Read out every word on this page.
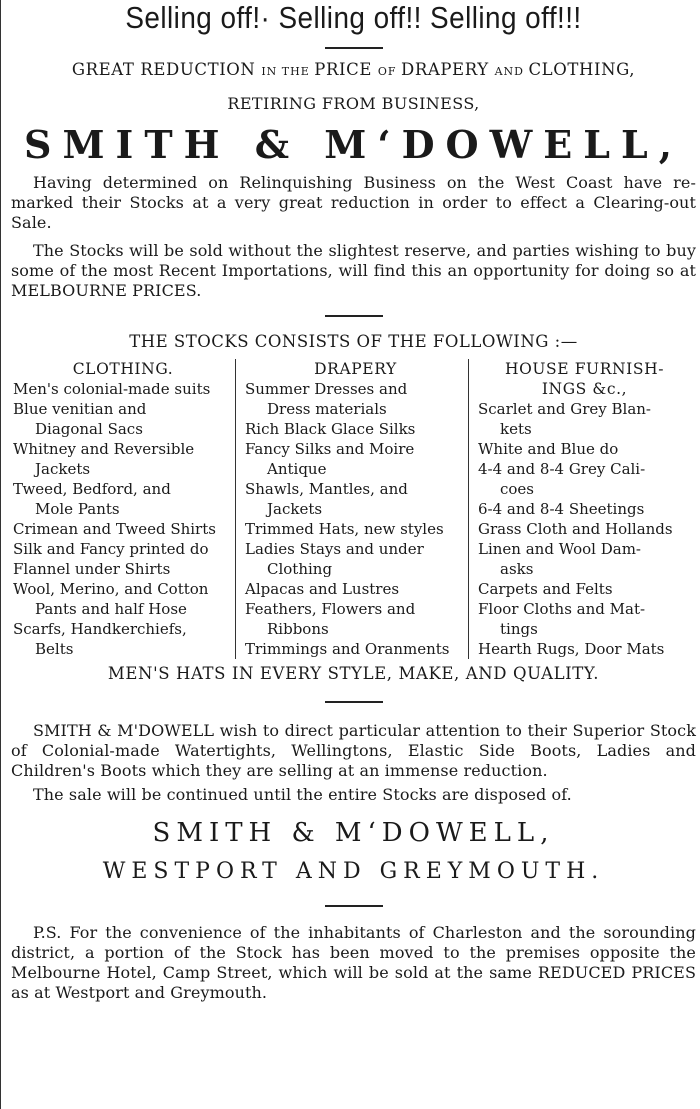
Selling off!· Selling off!! Selling off!!!
GREAT REDUCTION IN THE PRICE OF DRAPERY AND CLOTHING,
RETIRING FROM BUSINESS,
SMITH & M‘DOWELL,

Having determined on Relinquishing Business on the West Coast have re-marked their Stocks at a very great reduction in order to effect a Clearing-out Sale.

The Stocks will be sold without the slightest reserve, and parties wishing to buy some of the most Recent Importations, will find this an opportunity for doing so at MELBOURNE PRICES.

THE STOCKS CONSISTS OF THE FOLLOWING :—
CLOTHING.
Men's colonial-made suits
Blue venitian and
Diagonal Sacs
Whitney and Reversible
Jackets
Tweed, Bedford, and
Mole Pants
Crimean and Tweed Shirts
Silk and Fancy printed do
Flannel under Shirts
Wool, Merino, and Cotton
Pants and half Hose
Scarfs, Handkerchiefs,
Belts
DRAPERY
Summer Dresses and
Dress materials
Rich Black Glace Silks
Fancy Silks and Moire
Antique
Shawls, Mantles, and
Jackets
Trimmed Hats, new styles
Ladies Stays and under
Clothing
Alpacas and Lustres
Feathers, Flowers and
Ribbons
Trimmings and Oranments
HOUSE FURNISH-
INGS &c.,
Scarlet and Grey Blan-
kets
White and Blue do
4-4 and 8-4 Grey Cali-
coes
6-4 and 8-4 Sheetings
Grass Cloth and Hollands
Linen and Wool Dam-
asks
Carpets and Felts
Floor Cloths and Mat-
tings
Hearth Rugs, Door Mats
MEN'S HATS IN EVERY STYLE, MAKE, AND QUALITY.

SMITH & M'DOWELL wish to direct particular attention to their Superior Stock of Colonial-made Watertights, Wellingtons, Elastic Side Boots, Ladies and Children's Boots which they are selling at an immense reduction.

The sale will be continued until the entire Stocks are disposed of.

SMITH & M‘DOWELL,
WESTPORT AND GREYMOUTH.

P.S. For the convenience of the inhabitants of Charleston and the sorounding district, a portion of the Stock has been moved to the premises opposite the Melbourne Hotel, Camp Street, which will be sold at the same REDUCED PRICES as at Westport and Greymouth.
